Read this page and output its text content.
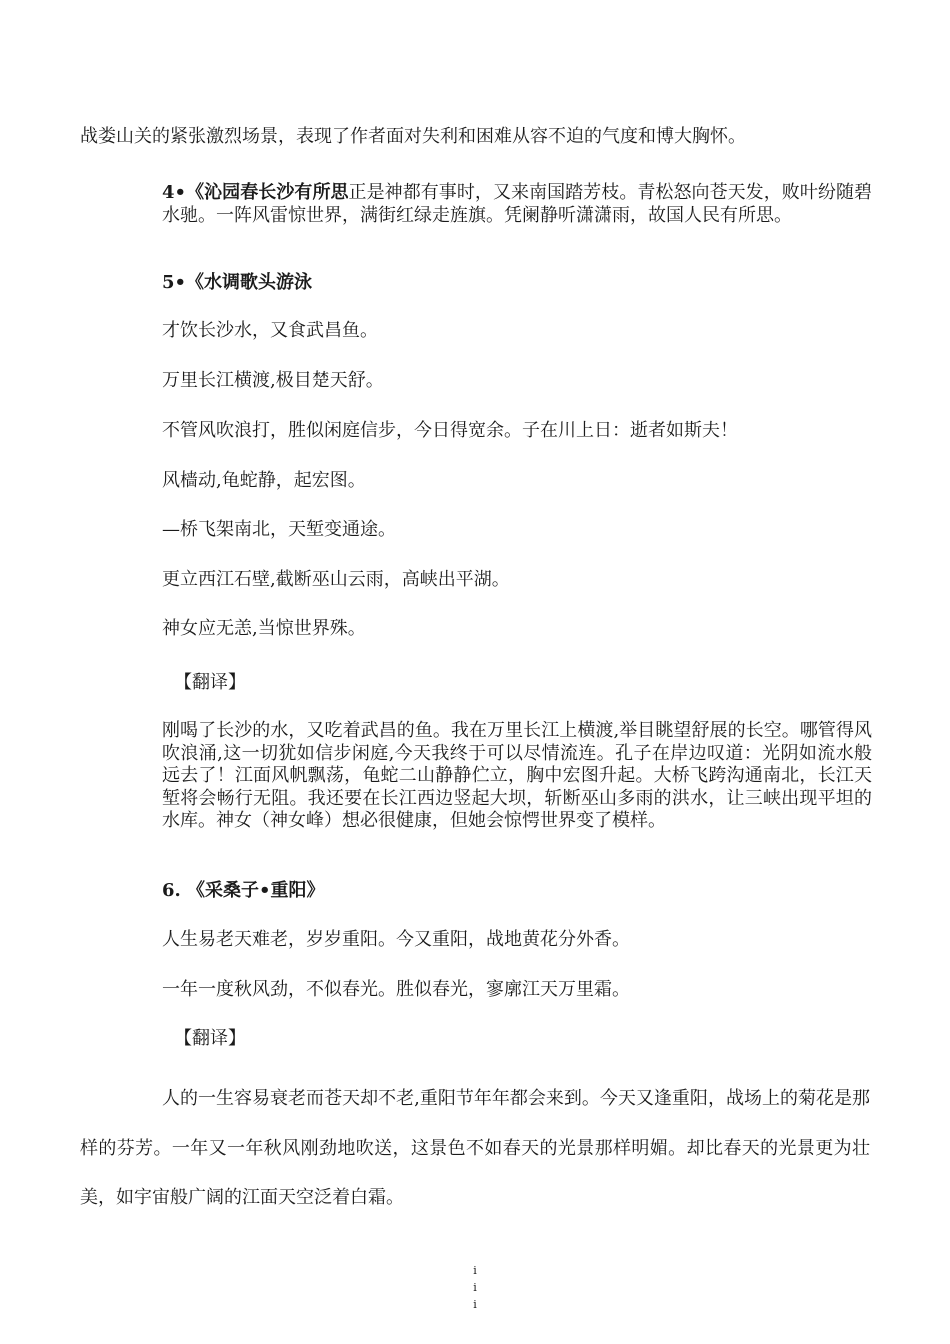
战娄山关的紧张激烈场景，表现了作者面对失利和困难从容不迫的气度和博大胸怀。

4•《沁园春长沙有所思正是神都有事时，又来南国踏芳枝。青松怒向苍天发，败叶纷随碧水驰。一阵风雷惊世界，满街红绿走旌旗。凭阑静听潇潇雨，故国人民有所思。

5•《水调歌头游泳

才饮长沙水，又食武昌鱼。

万里长江横渡,极目楚天舒。

不管风吹浪打，胜似闲庭信步，今日得宽余。子在川上日：逝者如斯夫！

风樯动,龟蛇静，起宏图。

—桥飞架南北，天堑变通途。

更立西江石壁,截断巫山云雨，高峡出平湖。

神女应无恙,当惊世界殊。

【翻译】

刚喝了长沙的水，又吃着武昌的鱼。我在万里长江上横渡,举目眺望舒展的长空。哪管得风吹浪涌,这一切犹如信步闲庭,今天我终于可以尽情流连。孔子在岸边叹道：光阴如流水般远去了！江面风帆飘荡，龟蛇二山静静伫立，胸中宏图升起。大桥飞跨沟通南北，长江天堑将会畅行无阻。我还要在长江西边竖起大坝，斩断巫山多雨的洪水，让三峡出现平坦的水库。神女（神女峰）想必很健康，但她会惊愕世界变了模样。

6. 《采桑子•重阳》

人生易老天难老，岁岁重阳。今又重阳，战地黄花分外香。

一年一度秋风劲，不似春光。胜似春光，寥廓江天万里霜。

【翻译】

人的一生容易衰老而苍天却不老,重阳节年年都会来到。今天又逢重阳，战场上的菊花是那样的芬芳。一年又一年秋风刚劲地吹送，这景色不如春天的光景那样明媚。却比春天的光景更为壮美，如宇宙般广阔的江面天空泛着白霜。

iii
